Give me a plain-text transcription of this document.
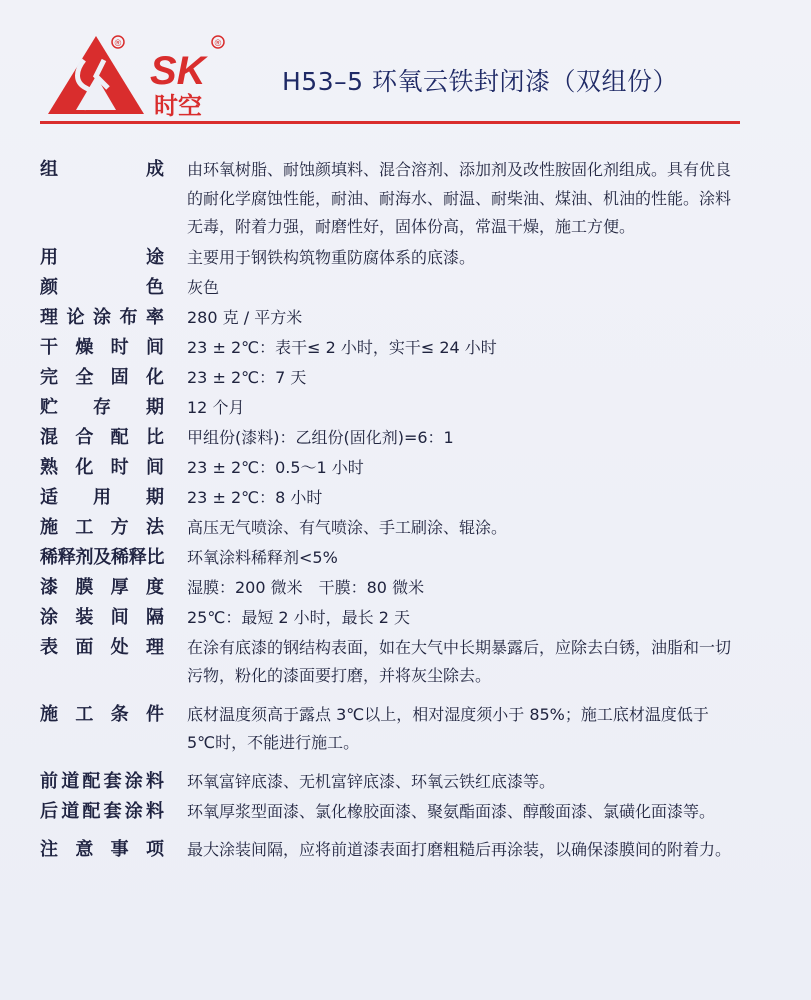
®
SK
®
时空
H53–5 环氧云铁封闭漆（双组份）
组成 由环氧树脂、耐蚀颜填料、混合溶剂、添加剂及改性胺固化剂组成。具有优良的耐化学腐蚀性能，耐油、耐海水、耐温、耐柴油、煤油、机油的性能。涂料无毒，附着力强，耐磨性好，固体份高，常温干燥，施工方便。
用途 主要用于钢铁构筑物重防腐体系的底漆。
颜色 灰色
理论涂布率 280 克 / 平方米
干燥时间 23 ± 2℃：表干≤ 2 小时，实干≤ 24 小时
完全固化 23 ± 2℃：7 天
贮存期 12 个月
混合配比 甲组份(漆料)：乙组份(固化剂)=6：1
熟化时间 23 ± 2℃：0.5～1 小时
适用期 23 ± 2℃：8 小时
施工方法 高压无气喷涂、有气喷涂、手工刷涂、辊涂。
稀释剂及稀释比 环氧涂料稀释剂<5%
漆膜厚度 湿膜：200 微米　干膜：80 微米
涂装间隔 25℃：最短 2 小时，最长 2 天
表面处理 在涂有底漆的钢结构表面，如在大气中长期暴露后，应除去白锈，油脂和一切污物，粉化的漆面要打磨，并将灰尘除去。
施工条件 底材温度须高于露点 3℃以上，相对湿度须小于 85%；施工底材温度低于 5℃时，不能进行施工。
前道配套涂料 环氧富锌底漆、无机富锌底漆、环氧云铁红底漆等。
后道配套涂料 环氧厚浆型面漆、氯化橡胶面漆、聚氨酯面漆、醇酸面漆、氯磺化面漆等。
注意事项 最大涂装间隔，应将前道漆表面打磨粗糙后再涂装，以确保漆膜间的附着力。
